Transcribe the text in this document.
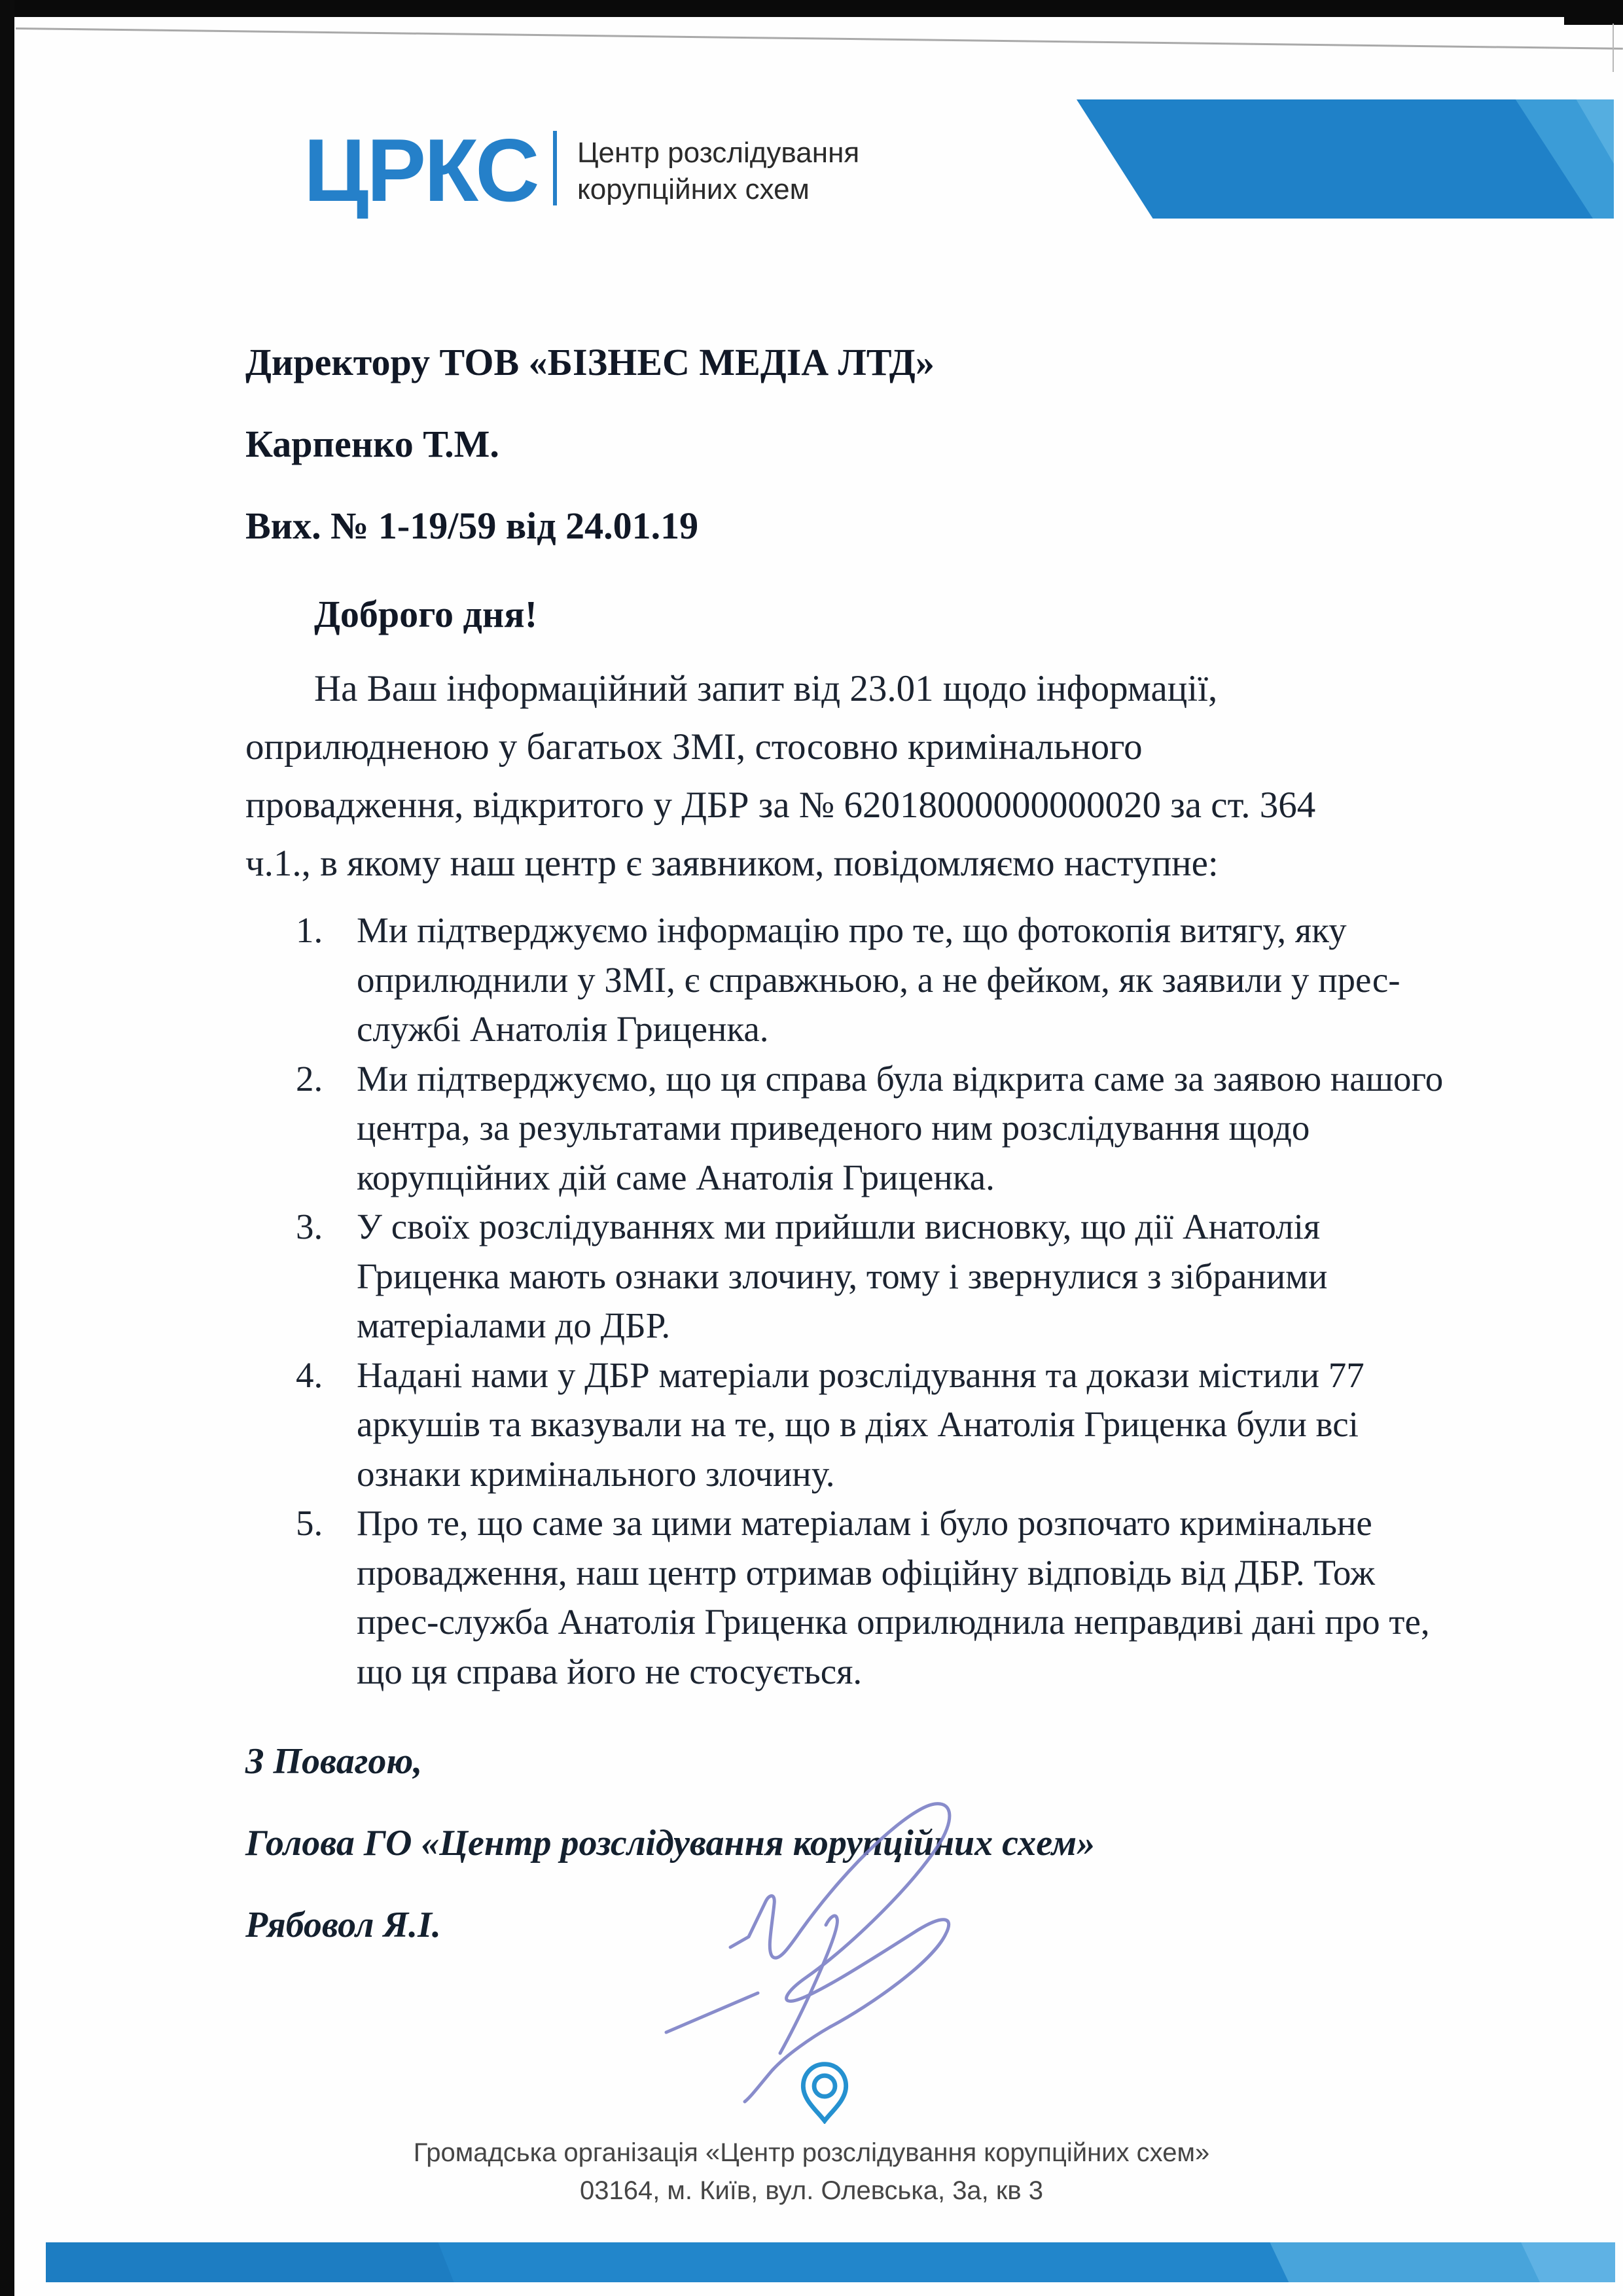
ЦРКС Центр розслідування
корупційних схем
Директору ТОВ «БІЗНЕС МЕДІА ЛТД»
Карпенко Т.М.
Вих. № 1-19/59 від 24.01.19
Доброго дня!
На Ваш інформаційний запит від 23.01 щодо інформації,
оприлюдненою у багатьох ЗМІ, стосовно кримінального
провадження, відкритого у ДБР за № 62018000000000020 за ст. 364
ч.1., в якому наш центр є заявником, повідомляємо наступне:
1. Ми підтверджуємо інформацію про те, що фотокопія витягу, яку
оприлюднили у ЗМІ, є справжньою, а не фейком, як заявили у прес-
службі Анатолія Гриценка.
2. Ми підтверджуємо, що ця справа була відкрита саме за заявою нашого
центра, за результатами приведеного ним розслідування щодо
корупційних дій саме Анатолія Гриценка.
3. У своїх розслідуваннях ми прийшли висновку, що дії Анатолія
Гриценка мають ознаки злочину, тому і звернулися з зібраними
матеріалами до ДБР.
4. Надані нами у ДБР матеріали розслідування та докази містили 77
аркушів та вказували на те, що в діях Анатолія Гриценка були всі
ознаки кримінального злочину.
5. Про те, що саме за цими матеріалам і було розпочато кримінальне
провадження, наш центр отримав офіційну відповідь від ДБР. Тож
прес-служба Анатолія Гриценка оприлюднила неправдиві дані про те,
що ця справа його не стосується.
З Повагою,
Голова ГО «Центр розслідування корупційних схем»
Рябовол Я.І.
Громадська організація «Центр розслідування корупційних схем»
03164, м. Київ, вул. Олевська, 3а, кв 3
